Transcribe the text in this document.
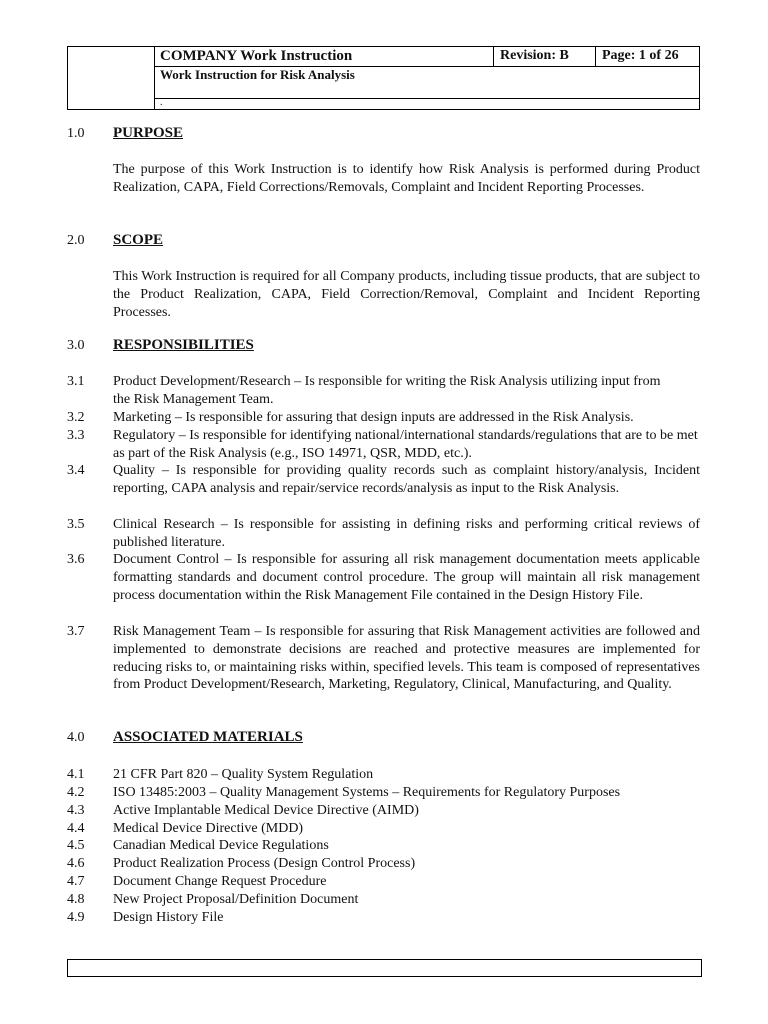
COMPANY Work Instruction	Revision: B Page: 1 of 26
Work Instruction for Risk Analysis
.
1.0 PURPOSE
The purpose of this Work Instruction is to identify how Risk Analysis is performed during Product Realization, CAPA, Field Corrections/Removals, Complaint and Incident Reporting Processes.
2.0 SCOPE
This Work Instruction is required for all Company products, including tissue products, that are subject to the Product Realization, CAPA, Field Correction/Removal, Complaint and Incident Reporting Processes.
3.0 RESPONSIBILITIES
3.1 Product Development/Research – Is responsible for writing the Risk Analysis utilizing input from the Risk Management Team.
3.2 Marketing – Is responsible for assuring that design inputs are addressed in the Risk Analysis.
3.3 Regulatory – Is responsible for identifying national/international standards/regulations that are to be met as part of the Risk Analysis (e.g., ISO 14971, QSR, MDD, etc.).
3.4 Quality – Is responsible for providing quality records such as complaint history/analysis, Incident reporting, CAPA analysis and repair/service records/analysis as input to the Risk Analysis.
3.5 Clinical Research – Is responsible for assisting in defining risks and performing critical reviews of published literature.
3.6 Document Control – Is responsible for assuring all risk management documentation meets applicable formatting standards and document control procedure. The group will maintain all risk management process documentation within the Risk Management File contained in the Design History File.
3.7 Risk Management Team – Is responsible for assuring that Risk Management activities are followed and implemented to demonstrate decisions are reached and protective measures are implemented for reducing risks to, or maintaining risks within, specified levels. This team is composed of representatives from Product Development/Research, Marketing, Regulatory, Clinical, Manufacturing, and Quality.
4.0 ASSOCIATED MATERIALS
4.1 21 CFR Part 820 – Quality System Regulation
4.2 ISO 13485:2003 – Quality Management Systems – Requirements for Regulatory Purposes
4.3 Active Implantable Medical Device Directive (AIMD)
4.4 Medical Device Directive (MDD)
4.5 Canadian Medical Device Regulations
4.6 Product Realization Process (Design Control Process)
4.7 Document Change Request Procedure
4.8 New Project Proposal/Definition Document
4.9 Design History File
